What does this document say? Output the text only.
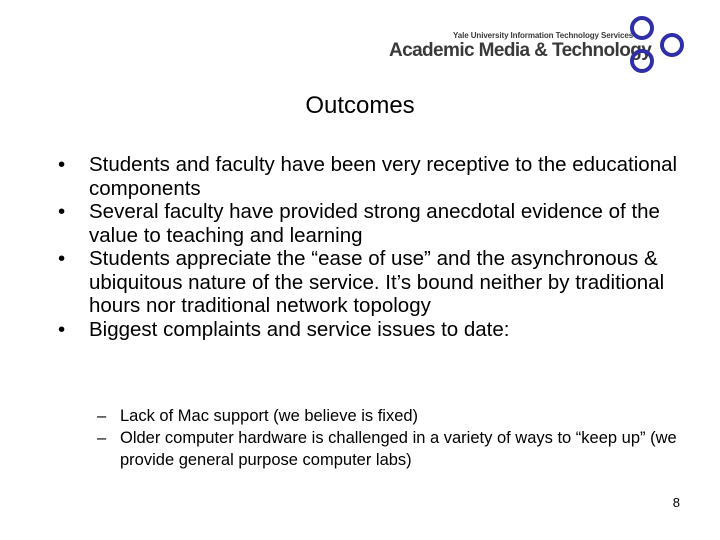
Yale University Information Technology Services
Academic Media & Technology
Outcomes
• Students and faculty have been very receptive to the educational components
• Several faculty have provided strong anecdotal evidence of the value to teaching and learning
• Students appreciate the “ease of use” and the asynchronous & ubiquitous nature of the service. It’s bound neither by traditional hours nor traditional network topology
• Biggest complaints and service issues to date:
– Lack of Mac support (we believe is fixed)
– Older computer hardware is challenged in a variety of ways to “keep up” (we provide general purpose computer labs)
8
